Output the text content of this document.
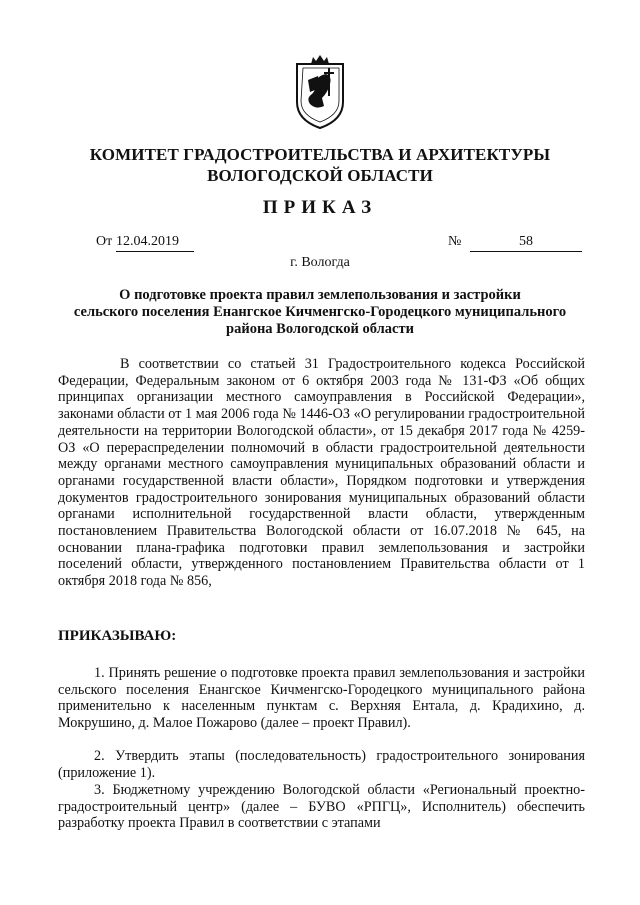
КОМИТЕТ ГРАДОСТРОИТЕЛЬСТВА И АРХИТЕКТУРЫ
ВОЛОГОДСКОЙ ОБЛАСТИ
ПРИКАЗ
От 12.04.2019	№	58
г. Вологда
О подготовке проекта правил землепользования и застройки
сельского поселения Енангское Кичменгско-Городецкого муниципального
района Вологодской области
В соответствии со статьей 31 Градостроительного кодекса Российской Федерации, Федеральным законом от 6 октября 2003 года № 131-ФЗ «Об общих принципах организации местного самоуправления в Российской Федерации», законами области от 1 мая 2006 года № 1446-ОЗ «О регулировании градостроительной деятельности на территории Вологодской области», от 15 декабря 2017 года № 4259-ОЗ «О перераспределении полномочий в области градостроительной деятельности между органами местного самоуправления муниципальных образований области и органами государственной власти области», Порядком подготовки и утверждения документов градостроительного зонирования муниципальных образований области органами исполнительной государственной власти области, утвержденным постановлением Правительства Вологодской области от 16.07.2018 № 645, на основании плана-графика подготовки правил землепользования и застройки поселений области, утвержденного постановлением Правительства области от 1 октября 2018 года № 856,
ПРИКАЗЫВАЮ:
1. Принять решение о подготовке проекта правил землепользования и застройки сельского поселения Енангское Кичменгско-Городецкого муниципального района применительно к населенным пунктам с. Верхняя Ентала, д. Крадихино, д. Мокрушино, д. Малое Пожарово (далее – проект Правил).
2. Утвердить этапы (последовательность) градостроительного зонирования (приложение 1).
3. Бюджетному учреждению Вологодской области «Региональный проектно-градостроительный центр» (далее – БУВО «РПГЦ», Исполнитель) обеспечить разработку проекта Правил в соответствии с этапами
